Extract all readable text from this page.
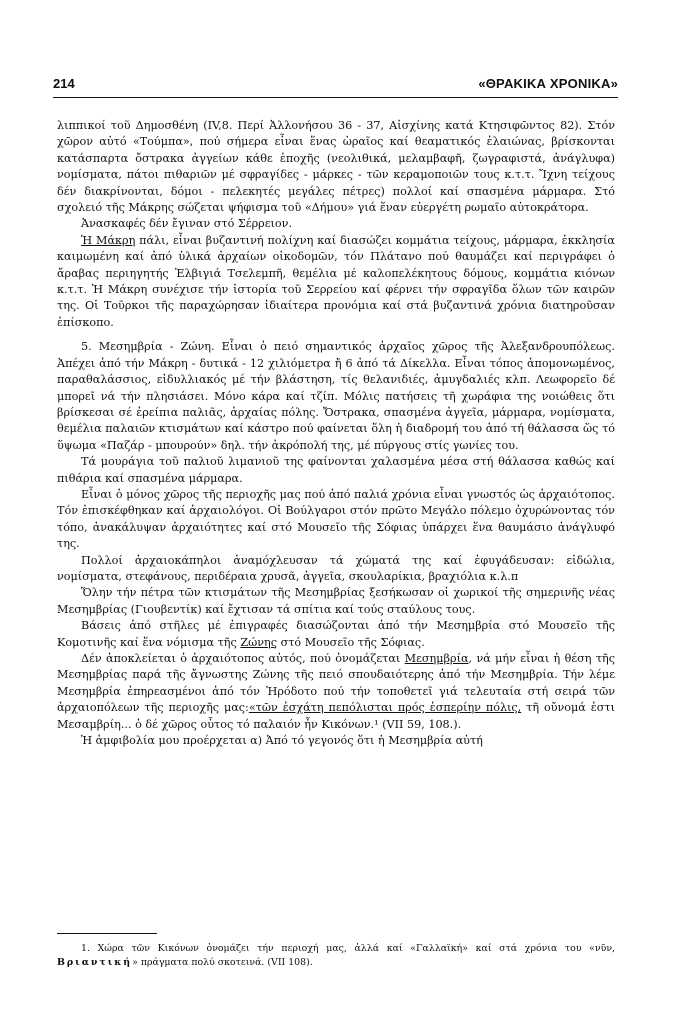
214	«ΘΡΑΚΙΚΑ ΧΡΟΝΙΚΑ»

λιππικοί τοῦ Δημοσθένη (IV,8. Περί Ἀλλονήσου 36 - 37, Αἰσχίνης κατά Κτησιφῶντος 82). Στόν χῶρον αὐτό «Τούμπα», πού σήμερα εἶναι ἕνας ὡραῖος καί θεαματικός ἐλαιώνας, βρίσκονται κατάσπαρτα ὄστρακα ἀγγείων κάθε ἐποχῆς (νεολιθικά, μελαμβαφῆ, ζωγραφιστά, ἀνάγλυφα) νομίσματα, πάτοι πιθαριῶν μέ σφραγίδες - μάρκες - τῶν κεραμοποιῶν τους κ.τ.τ. Ἴχνη τείχους δέν διακρίνονται, δόμοι - πελεκητές μεγάλες πέτρες) πολλοί καί σπασμένα μάρμαρα. Στό σχολειό τῆς Μάκρης σώζεται ψήφισμα τοῦ «Δήμου» γιά ἕναν εὐεργέτη ρωμαῖο αὐτοκράτορα.

Ἀνασκαφές δέν ἔγιναν στό Σέρρειον.

Ἡ Μάκρη πάλι, εἶναι βυζαντινή πολίχνη καί διασώζει κομμάτια τείχους, μάρμαρα, ἐκκλησία καιμωμένη καί ἀπό ὑλικά ἀρχαίων οἰκοδομῶν, τόν Πλάτανο πού θαυμάζει καί περιγράφει ὁ ἄραβας περιηγητής Ἐλβιγιά Τσελεμπῆ, θεμέλια μέ καλοπελέκητους δόμους, κομμάτια κιόνων κ.τ.τ. Ἡ Μάκρη συνέχισε τήν ἱστορία τοῦ Σερρείου καί φέρνει τήν σφραγῖδα ὅλων τῶν καιρῶν της. Οἱ Τοῦρκοι τῆς παραχώρησαν ἰδιαίτερα προνόμια καί στά βυζαντινά χρόνια διατηροῦσαν ἐπίσκοπο.

5. Μεσημβρία - Ζώνη. Εἶναι ὁ πειό σημαντικός ἀρχαῖος χῶρος τῆς Ἀλεξανδρουπόλεως. Ἀπέχει ἀπό τήν Μάκρη - δυτικά - 12 χιλιόμετρα ἤ 6 ἀπό τά Δίκελλα. Εἶναι τόπος ἀπομονωμένος, παραθαλάσσιος, εἰδυλλιακός μέ τήν βλάστηση, τίς θελανιδιές, ἀμυγδαλιές κλπ. Λεωφορεῖο δέ μπορεῖ νά τήν πλησιάσει. Μόνο κάρα καί τζίπ. Μόλις πατήσεις τῆ χωράφια της νοιώθεις ὅτι βρίσκεσαι σέ ἐρείπια παλιᾶς, ἀρχαίας πόλης. Ὄστρακα, σπασμένα ἀγγεῖα, μάρμαρα, νομίσματα, θεμέλια παλαιῶν κτισμάτων καί κάστρο πού φαίνεται ὅλη ἡ διαδρομή του ἀπό τή θάλασσα ὥς τό ὕψωμα «Παζάρ - μπουρούν» δηλ. τήν ἀκρόπολή της, μέ πύργους στίς γωνίες του.

Τά μουράγια τοῦ παλιοῦ λιμανιοῦ της φαίνονται χαλασμένα μέσα στή θάλασσα καθώς καί πιθάρια καί σπασμένα μάρμαρα.

Εἶναι ὁ μόνος χῶρος τῆς περιοχῆς μας πού ἀπό παλιά χρόνια εἶναι γνωστός ὡς ἀρχαιότοπος. Τόν ἐπισκέφθηκαν καί ἀρχαιολόγοι. Οἱ Βούλγαροι στόν πρῶτο Μεγάλο πόλεμο ὀχυρώνοντας τόν τόπο, ἀνακάλυψαν ἀρχαιότητες καί στό Μουσεῖο τῆς Σόφιας ὑπάρχει ἕνα θαυμάσιο ἀνάγλυφό της.

Πολλοί ἀρχαιοκάπηλοι ἀναμόχλευσαν τά χώματά της καί ἐφυγάδευσαν: εἰδώλια, νομίσματα, στεφάνους, περιδέραια χρυσᾶ, ἀγγεῖα, σκουλαρίκια, βραχιόλια κ.λ.π

Ὅλην τήν πέτρα τῶν κτισμάτων τῆς Μεσημβρίας ξεσήκωσαν οἱ χωρικοί τῆς σημερινῆς νέας Μεσημβρίας (Γιουβεντίκ) καί ἔχτισαν τά σπίτια καί τούς σταύλους τους.

Βάσεις ἀπό στῆλες μέ ἐπιγραφές διασώζονται ἀπό τήν Μεσημβρία στό Μουσεῖο τῆς Κομοτινῆς καί ἕνα νόμισμα τῆς Ζώνης στό Μουσεῖο τῆς Σόφιας.

Δέν ἀποκλείεται ὁ ἀρχαιότοπος αὐτός, πού ὀνομάζεται Μεσημβρία, νά μήν εἶναι ἡ θέση τῆς Μεσημβρίας παρά τῆς ἄγνωστης Ζώνης τῆς πειό σπουδαιότερης ἀπό τήν Μεσημβρία. Τήν λέμε Μεσημβρία ἐπηρεασμένοι ἀπό τόν Ἡρόδοτο πού τήν τοποθετεῖ γιά τελευταία στή σειρά τῶν ἀρχαιοπόλεων τῆς περιοχῆς μας:«τῶν ἐσχάτη πεπόλισται πρός ἑσπερίην πόλις, τῆ οὔνομά ἐστι Μεσαμβρίη... ὁ δέ χῶρος οὗτος τό παλαιόν ἦν Κικόνων.¹ (VII 59, 108.).

Ἡ ἀμφιβολία μου προέρχεται α) Ἀπό τό γεγονός ὅτι ἡ Μεσημβρία αὐτή

1. Χώρα τῶν Κικόνων ὀνομάζει τήν περιοχή μας, ἀλλά καί «Γαλλαϊκή» καί στά χρόνια του «νῦν, Βριαντική» πράγματα πολύ σκοτεινά. (VII 108).
